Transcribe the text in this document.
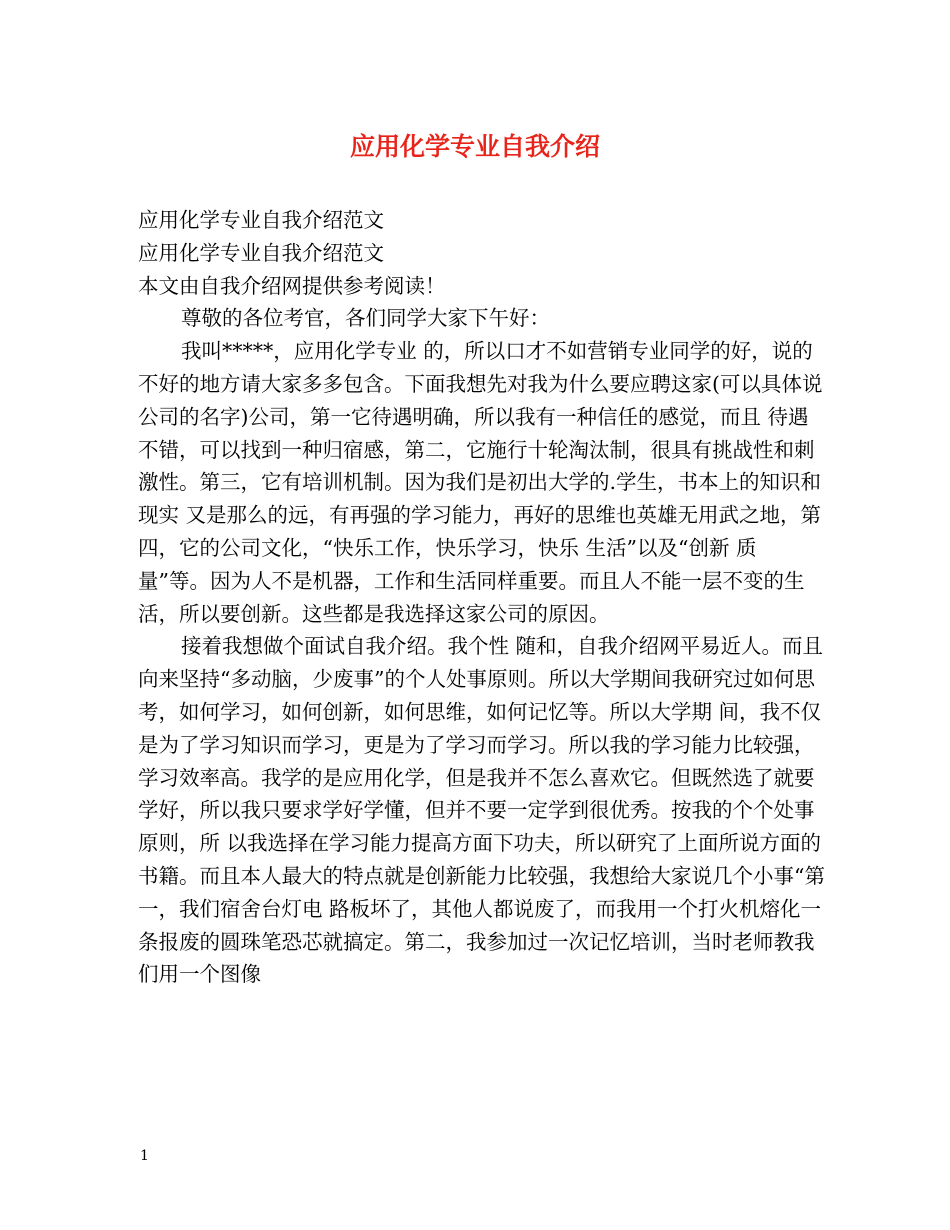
应用化学专业自我介绍

应用化学专业自我介绍范文

应用化学专业自我介绍范文

本文由自我介绍网提供参考阅读！

尊敬的各位考官，各们同学大家下午好：

我叫*****，应用化学专业 的，所以口才不如营销专业同学的好，说的不好的地方请大家多多包含。下面我想先对我为什么要应聘这家(可以具体说公司的名字)公司，第一它待遇明确，所以我有一种信任的感觉，而且 待遇不错，可以找到一种归宿感，第二，它施行十轮淘汰制，很具有挑战性和刺激性。第三，它有培训机制。因为我们是初出大学的.学生，书本上的知识和现实 又是那么的远，有再强的学习能力，再好的思维也英雄无用武之地，第四，它的公司文化，“快乐工作，快乐学习，快乐 生活”以及“创新 质量”等。因为人不是机器，工作和生活同样重要。而且人不能一层不变的生活，所以要创新。这些都是我选择这家公司的原因。

接着我想做个面试自我介绍。我个性 随和，自我介绍网平易近人。而且向来坚持“多动脑，少废事”的个人处事原则。所以大学期间我研究过如何思考，如何学习，如何创新，如何思维，如何记忆等。所以大学期 间，我不仅是为了学习知识而学习，更是为了学习而学习。所以我的学习能力比较强，学习效率高。我学的是应用化学，但是我并不怎么喜欢它。但既然选了就要学好，所以我只要求学好学懂，但并不要一定学到很优秀。按我的个个处事原则，所 以我选择在学习能力提高方面下功夫，所以研究了上面所说方面的书籍。而且本人最大的特点就是创新能力比较强，我想给大家说几个小事“第一，我们宿舍台灯电 路板坏了，其他人都说废了，而我用一个打火机熔化一条报废的圆珠笔恐芯就搞定。第二，我参加过一次记忆培训，当时老师教我们用一个图像

1
